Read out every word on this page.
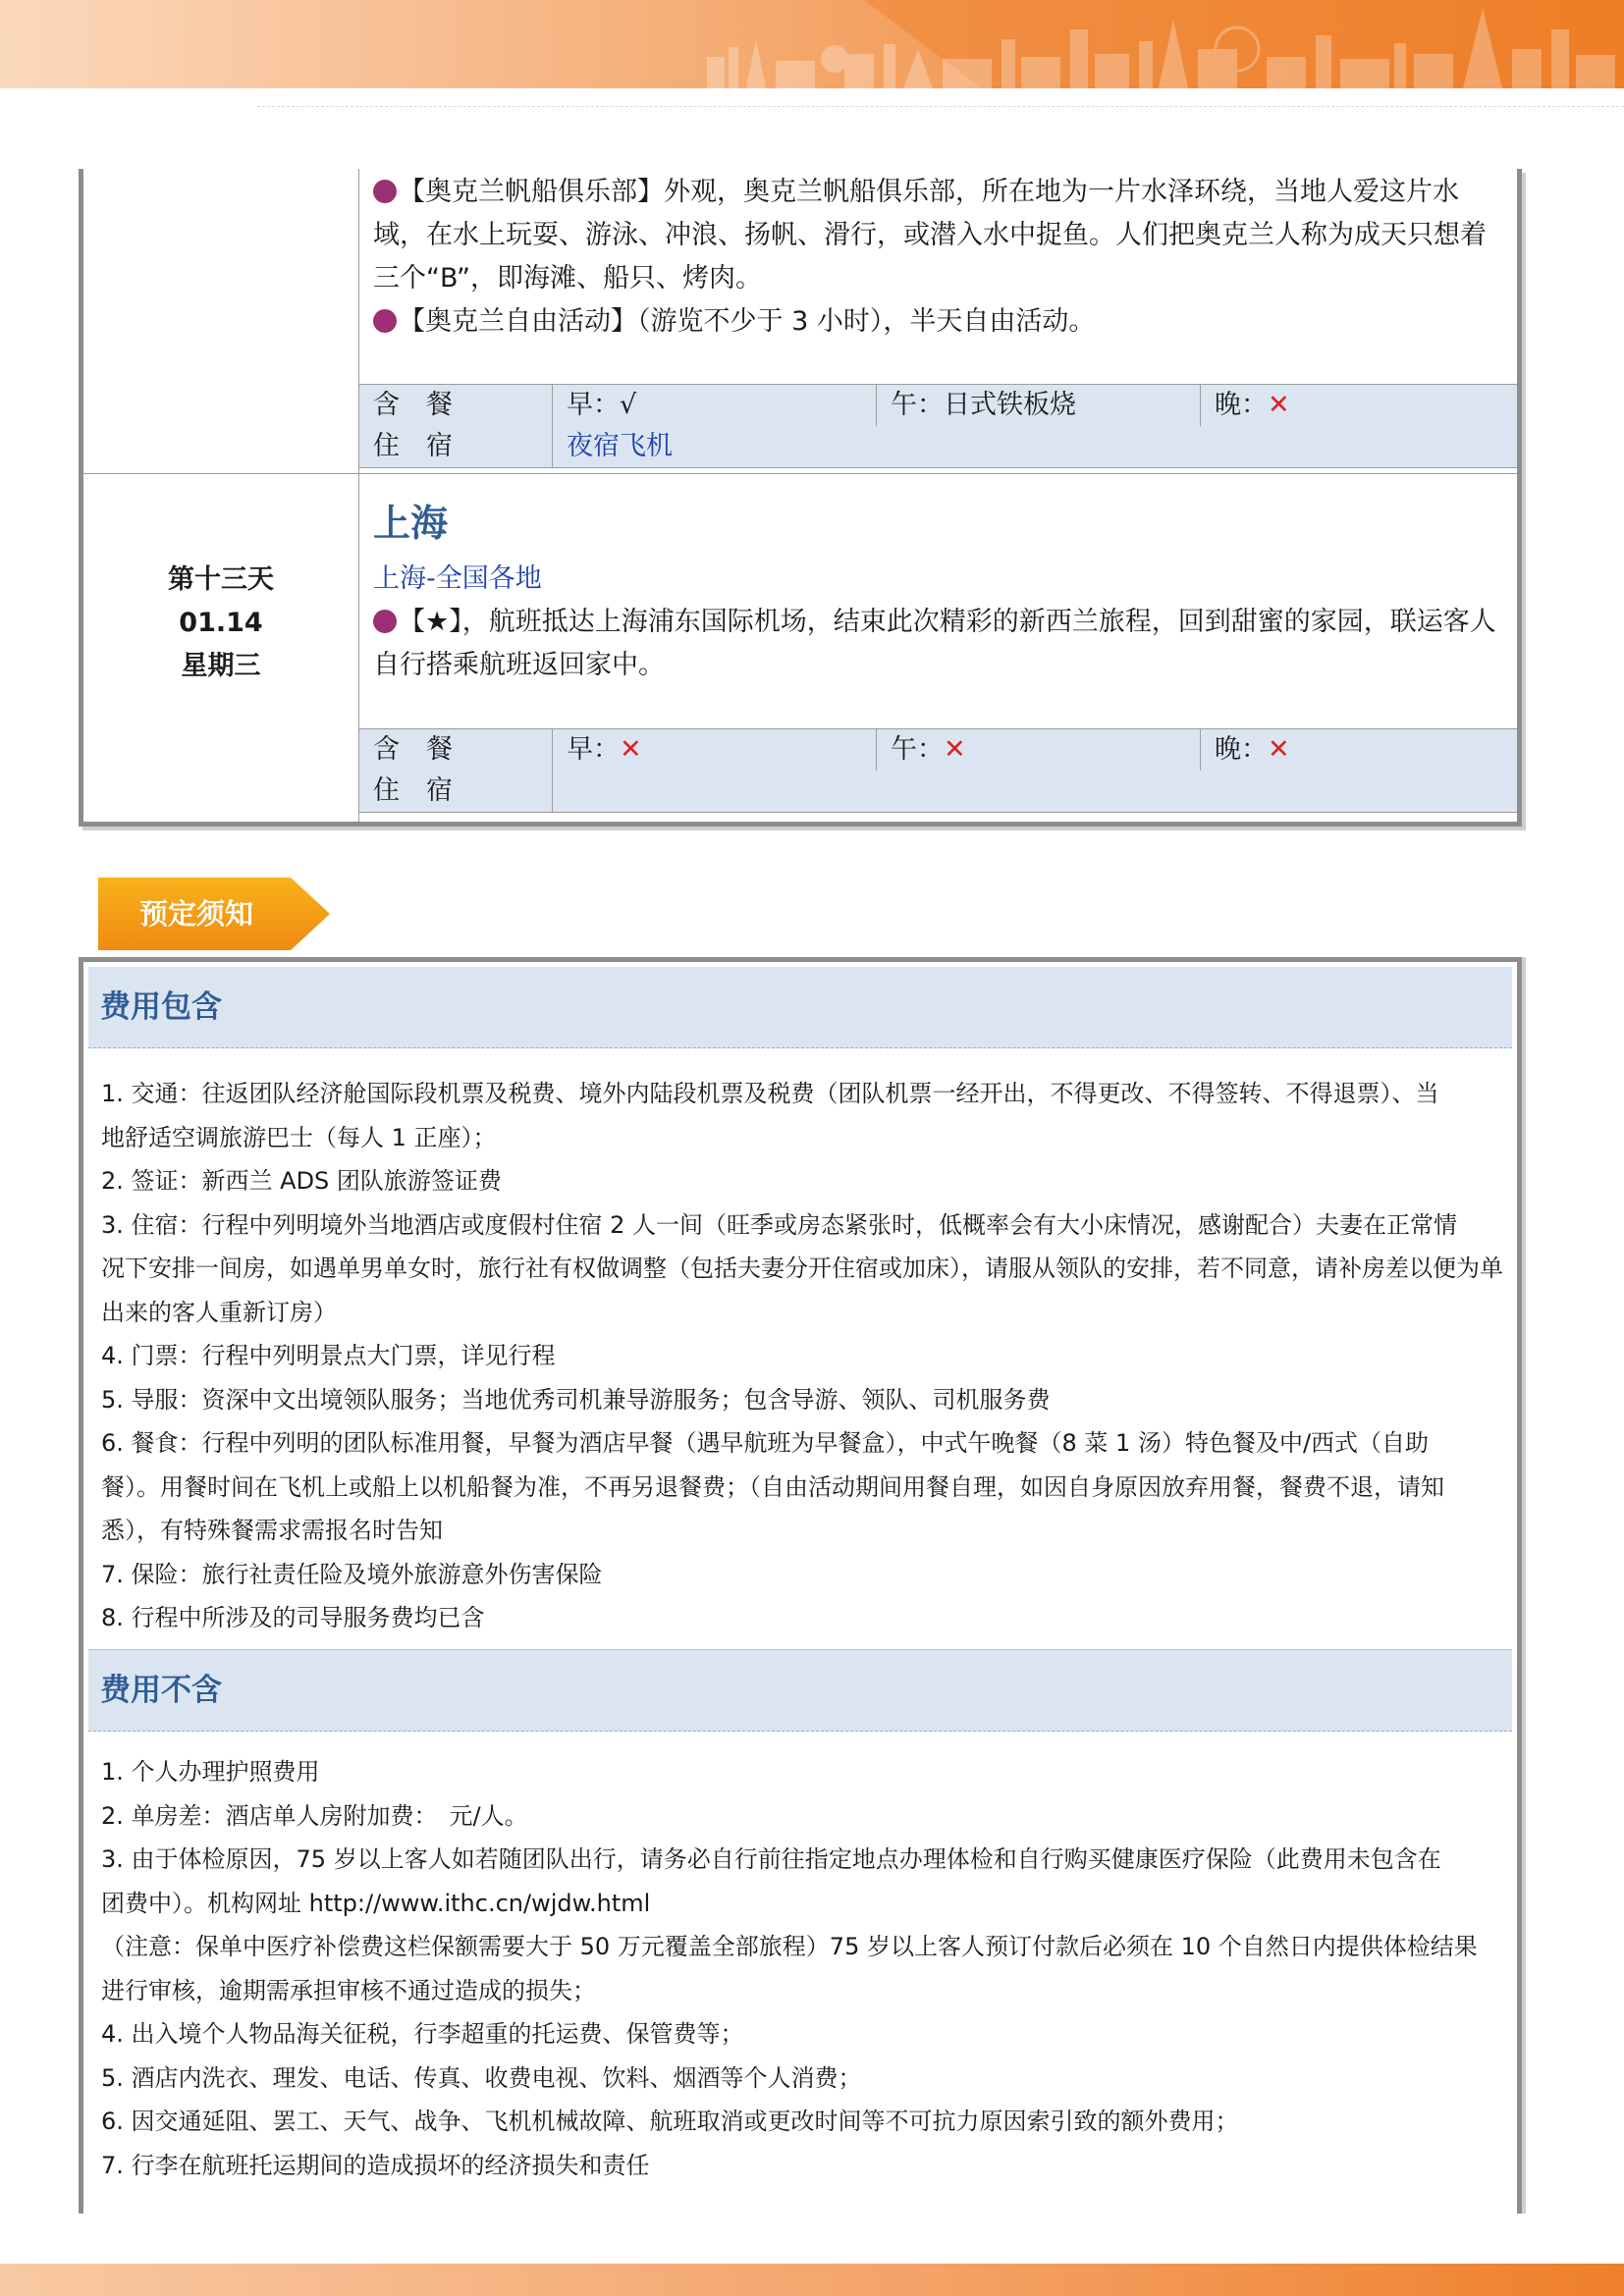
【奥克兰帆船俱乐部】外观，奥克兰帆船俱乐部，所在地为一片水泽环绕，当地人爱这片水域，在水上玩耍、游泳、冲浪、扬帆、滑行，或潜入水中捉鱼。人们把奥克兰人称为成天只想着三个“B”，即海滩、船只、烤肉。
【奥克兰自由活动】（游览不少于 3 小时），半天自由活动。
含　餐	早：√	午：日式铁板烧	晚：✕
住　宿	夜宿飞机
第十三天
01.14
星期三
上海
上海-全国各地
【★】，航班抵达上海浦东国际机场，结束此次精彩的新西兰旅程，回到甜蜜的家园，联运客人自行搭乘航班返回家中。
含　餐	早：✕	午：✕	晚：✕
住　宿
预定须知
费用包含
1. 交通：往返团队经济舱国际段机票及税费、境外内陆段机票及税费（团队机票一经开出，不得更改、不得签转、不得退票）、当
地舒适空调旅游巴士（每人 1 正座）；
2. 签证：新西兰 ADS 团队旅游签证费
3. 住宿：行程中列明境外当地酒店或度假村住宿 2 人一间（旺季或房态紧张时，低概率会有大小床情况，感谢配合）夫妻在正常情
况下安排一间房，如遇单男单女时，旅行社有权做调整（包括夫妻分开住宿或加床），请服从领队的安排，若不同意，请补房差以便为单
出来的客人重新订房）
4. 门票：行程中列明景点大门票，详见行程
5. 导服：资深中文出境领队服务；当地优秀司机兼导游服务；包含导游、领队、司机服务费
6. 餐食：行程中列明的团队标准用餐，早餐为酒店早餐（遇早航班为早餐盒），中式午晚餐（8 菜 1 汤）特色餐及中/西式（自助
餐）。用餐时间在飞机上或船上以机船餐为准，不再另退餐费；（自由活动期间用餐自理，如因自身原因放弃用餐，餐费不退，请知
悉），有特殊餐需求需报名时告知
7. 保险：旅行社责任险及境外旅游意外伤害保险
8. 行程中所涉及的司导服务费均已含
费用不含
1. 个人办理护照费用
2. 单房差：酒店单人房附加费：　元/人。
3. 由于体检原因，75 岁以上客人如若随团队出行，请务必自行前往指定地点办理体检和自行购买健康医疗保险（此费用未包含在
团费中）。机构网址 http://www.ithc.cn/wjdw.html
（注意：保单中医疗补偿费这栏保额需要大于 50 万元覆盖全部旅程）75 岁以上客人预订付款后必须在 10 个自然日内提供体检结果
进行审核，逾期需承担审核不通过造成的损失；
4. 出入境个人物品海关征税，行李超重的托运费、保管费等；
5. 酒店内洗衣、理发、电话、传真、收费电视、饮料、烟酒等个人消费；
6. 因交通延阻、罢工、天气、战争、飞机机械故障、航班取消或更改时间等不可抗力原因索引致的额外费用；
7. 行李在航班托运期间的造成损坏的经济损失和责任
